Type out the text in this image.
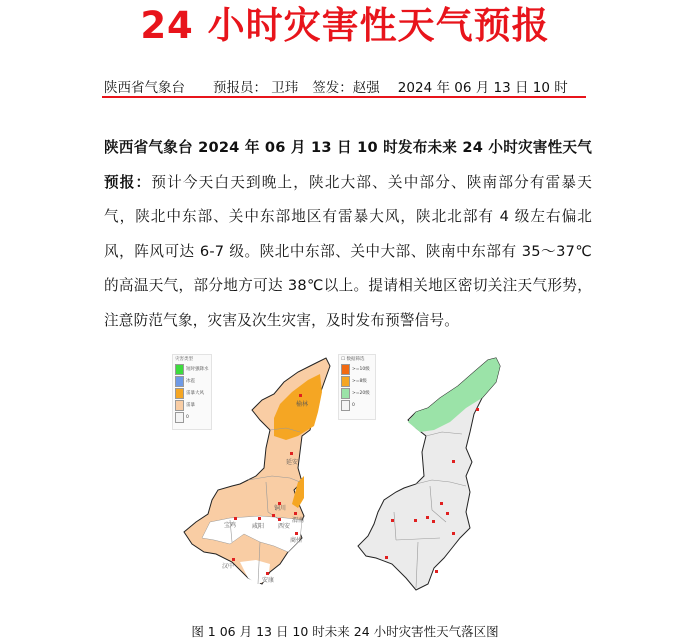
24 小时灾害性天气预报
陕西省气象台 预报员： 卫玮 签发：赵强 2024 年 06 月 13 日 10 时
陕西省气象台 2024 年 06 月 13 日 10 时发布未来 24 小时灾害性天气预报：预计今天白天到晚上，陕北大部、关中部分、陕南部分有雷暴天气，陕北中东部、关中东部地区有雷暴大风，陕北北部有 4 级左右偏北风，阵风可达 6-7 级。陕北中东部、关中大部、陕南中东部有 35～37℃的高温天气，部分地方可达 38℃以上。提请相关地区密切关注天气形势，注意防范气象，灾害及次生灾害，及时发布预警信号。
灾害类型
短时强降水
冰雹
雷暴大风
雷暴
0
榆林
延安
铜川
宝鸡	咸阳 西安
渭南
商州
汉中
安康
☐ 数据筛选
>=10级
>=8级
>=20级
0
图 1 06 月 13 日 10 时未来 24 小时灾害性天气落区图
